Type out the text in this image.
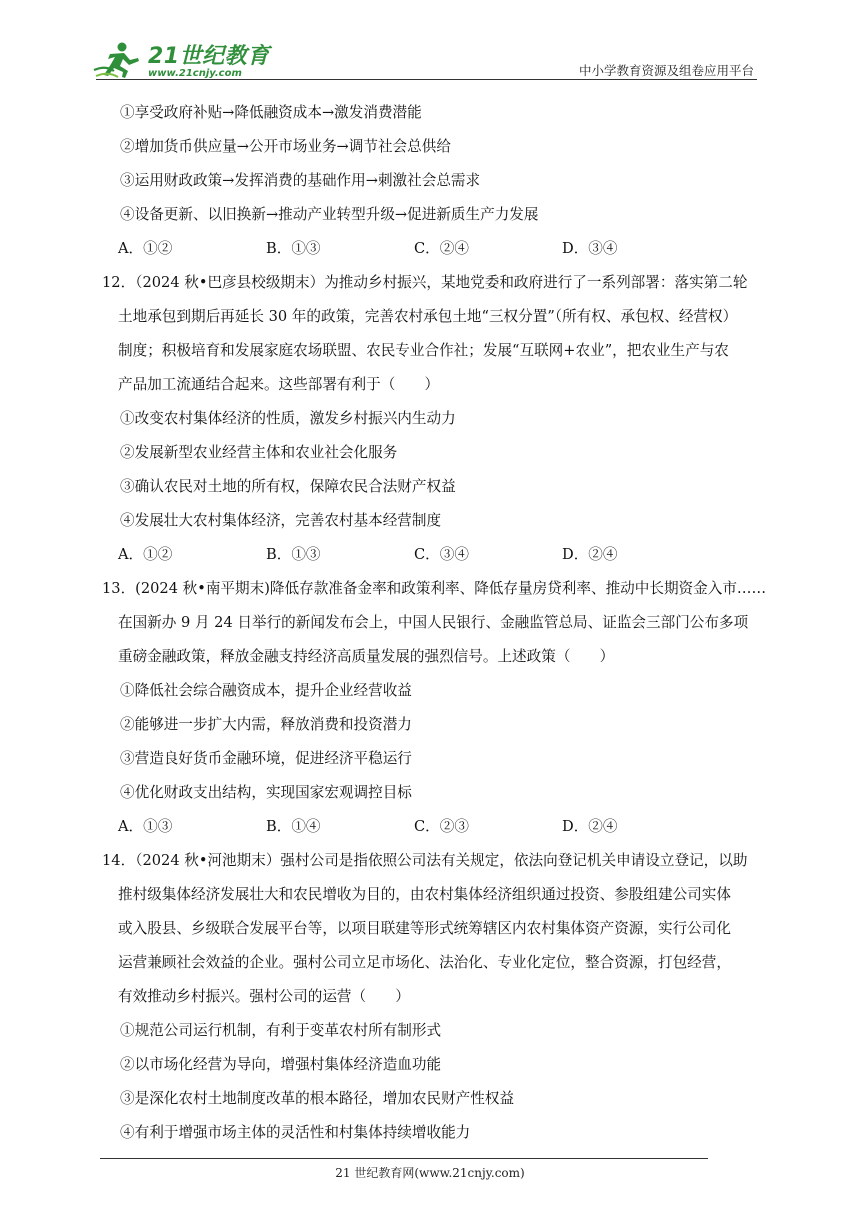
21世纪教育
www.21cnjy.com	中小学教育资源及组卷应用平台
①享受政府补贴→降低融资成本→激发消费潜能
②增加货币供应量→公开市场业务→调节社会总供给
③运用财政政策→发挥消费的基础作用→刺激社会总需求
④设备更新、以旧换新→推动产业转型升级→促进新质生产力发展
A．①②	B．①③	C．②④	D．③④
12．（2024 秋•巴彦县校级期末）为推动乡村振兴，某地党委和政府进行了一系列部署：落实第二轮
土地承包到期后再延长 30 年的政策，完善农村承包土地“三权分置”（所有权、承包权、经营权）
制度；积极培育和发展家庭农场联盟、农民专业合作社；发展“互联网+农业”，把农业生产与农
产品加工流通结合起来。这些部署有利于（　　）
①改变农村集体经济的性质，激发乡村振兴内生动力
②发展新型农业经营主体和农业社会化服务
③确认农民对土地的所有权，保障农民合法财产权益
④发展壮大农村集体经济，完善农村基本经营制度
A．①②	B．①③	C．③④	D．②④
13．(2024 秋•南平期末)降低存款准备金率和政策利率、降低存量房贷利率、推动中长期资金入市……
在国新办 9 月 24 日举行的新闻发布会上，中国人民银行、金融监管总局、证监会三部门公布多项
重磅金融政策，释放金融支持经济高质量发展的强烈信号。上述政策（　　）
①降低社会综合融资成本，提升企业经营收益
②能够进一步扩大内需，释放消费和投资潜力
③营造良好货币金融环境，促进经济平稳运行
④优化财政支出结构，实现国家宏观调控目标
A．①③	B．①④	C．②③	D．②④
14．（2024 秋•河池期末）强村公司是指依照公司法有关规定，依法向登记机关申请设立登记，以助
推村级集体经济发展壮大和农民增收为目的，由农村集体经济组织通过投资、参股组建公司实体
或入股县、乡级联合发展平台等，以项目联建等形式统筹辖区内农村集体资产资源，实行公司化
运营兼顾社会效益的企业。强村公司立足市场化、法治化、专业化定位，整合资源，打包经营，
有效推动乡村振兴。强村公司的运营（　　）
①规范公司运行机制，有利于变革农村所有制形式
②以市场化经营为导向，增强村集体经济造血功能
③是深化农村土地制度改革的根本路径，增加农民财产性权益
④有利于增强市场主体的灵活性和村集体持续增收能力
21 世纪教育网(www.21cnjy.com)
